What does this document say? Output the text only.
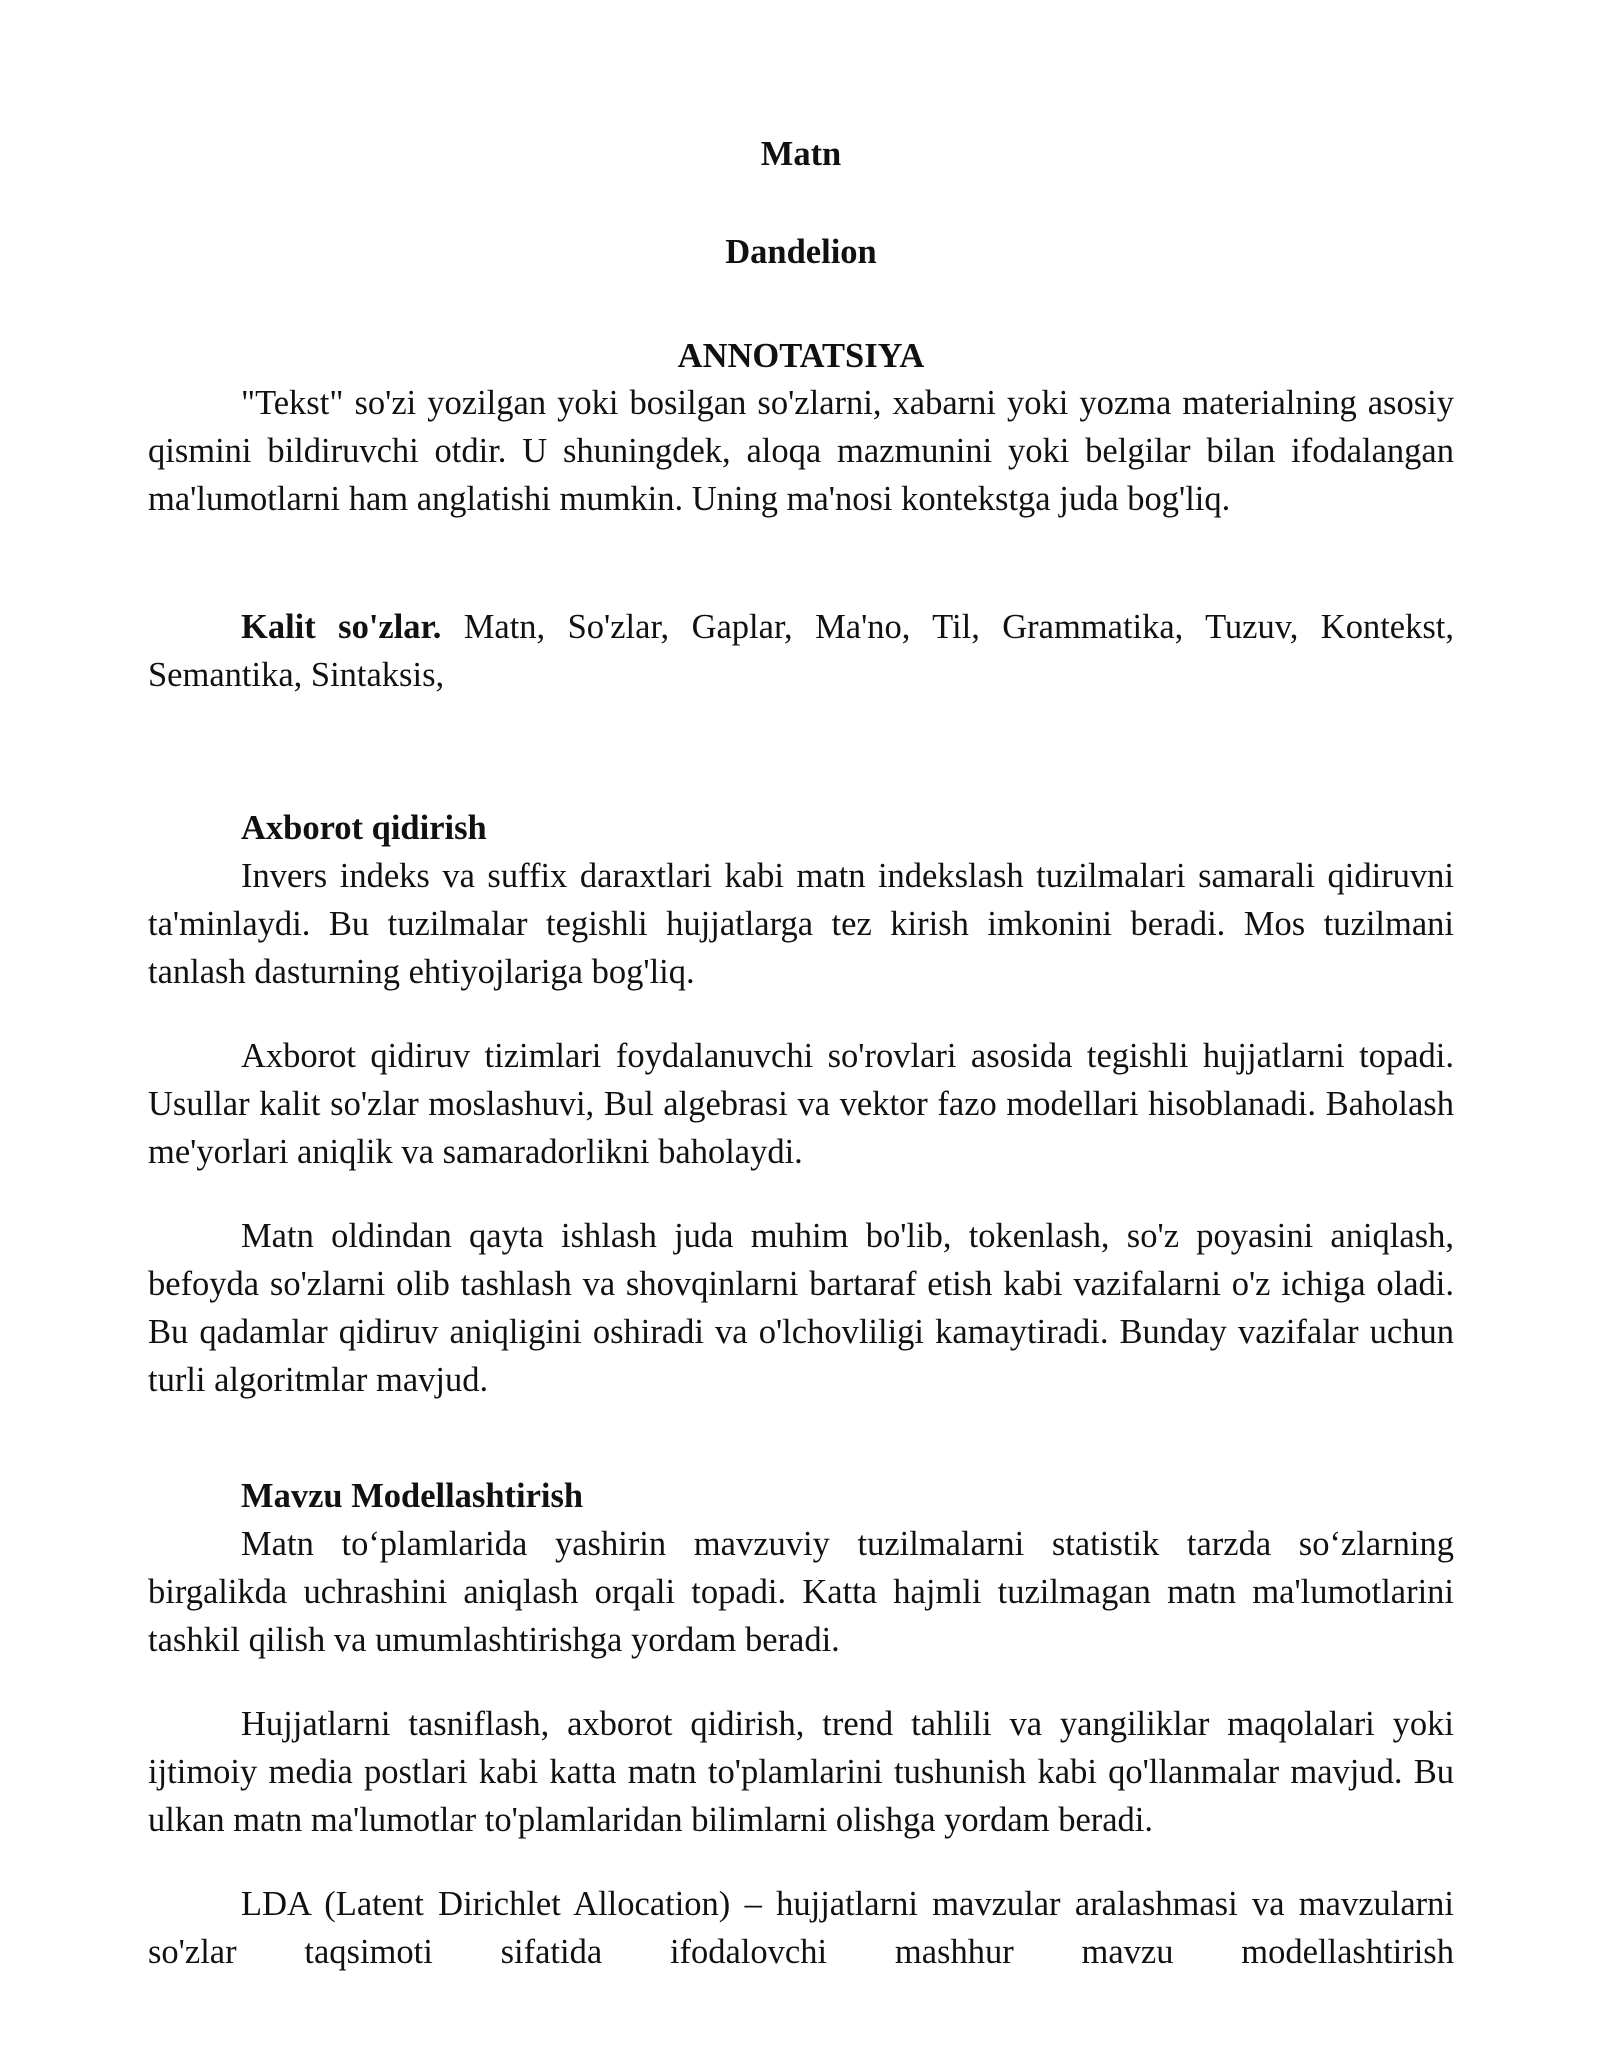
Matn

Dandelion

ANNOTATSIYA

"Tekst" so'zi yozilgan yoki bosilgan so'zlarni, xabarni yoki yozma materialning asosiy qismini bildiruvchi otdir. U shuningdek, aloqa mazmunini yoki belgilar bilan ifodalangan ma'lumotlarni ham anglatishi mumkin. Uning ma'nosi kontekstga juda bog'liq.

Kalit so'zlar. Matn, So'zlar, Gaplar, Ma'no, Til, Grammatika, Tuzuv, Kontekst, Semantika, Sintaksis,

Axborot qidirish

Invers indeks va suffix daraxtlari kabi matn indekslash tuzilmalari samarali qidiruvni ta'minlaydi. Bu tuzilmalar tegishli hujjatlarga tez kirish imkonini beradi. Mos tuzilmani tanlash dasturning ehtiyojlariga bog'liq.

Axborot qidiruv tizimlari foydalanuvchi so'rovlari asosida tegishli hujjatlarni topadi. Usullar kalit so'zlar moslashuvi, Bul algebrasi va vektor fazo modellari hisoblanadi. Baholash me'yorlari aniqlik va samaradorlikni baholaydi.

Matn oldindan qayta ishlash juda muhim bo'lib, tokenlash, so'z poyasini aniqlash, befoyda so'zlarni olib tashlash va shovqinlarni bartaraf etish kabi vazifalarni o'z ichiga oladi. Bu qadamlar qidiruv aniqligini oshiradi va o'lchovliligi kamaytiradi. Bunday vazifalar uchun turli algoritmlar mavjud.

Mavzu Modellashtirish

Matn to‘plamlarida yashirin mavzuviy tuzilmalarni statistik tarzda so‘zlarning birgalikda uchrashini aniqlash orqali topadi. Katta hajmli tuzilmagan matn ma'lumotlarini tashkil qilish va umumlashtirishga yordam beradi.

Hujjatlarni tasniflash, axborot qidirish, trend tahlili va yangiliklar maqolalari yoki ijtimoiy media postlari kabi katta matn to'plamlarini tushunish kabi qo'llanmalar mavjud. Bu ulkan matn ma'lumotlar to'plamlaridan bilimlarni olishga yordam beradi.

LDA (Latent Dirichlet Allocation) – hujjatlarni mavzular aralashmasi va mavzularni so'zlar taqsimoti sifatida ifodalovchi mashhur mavzu modellashtirish
